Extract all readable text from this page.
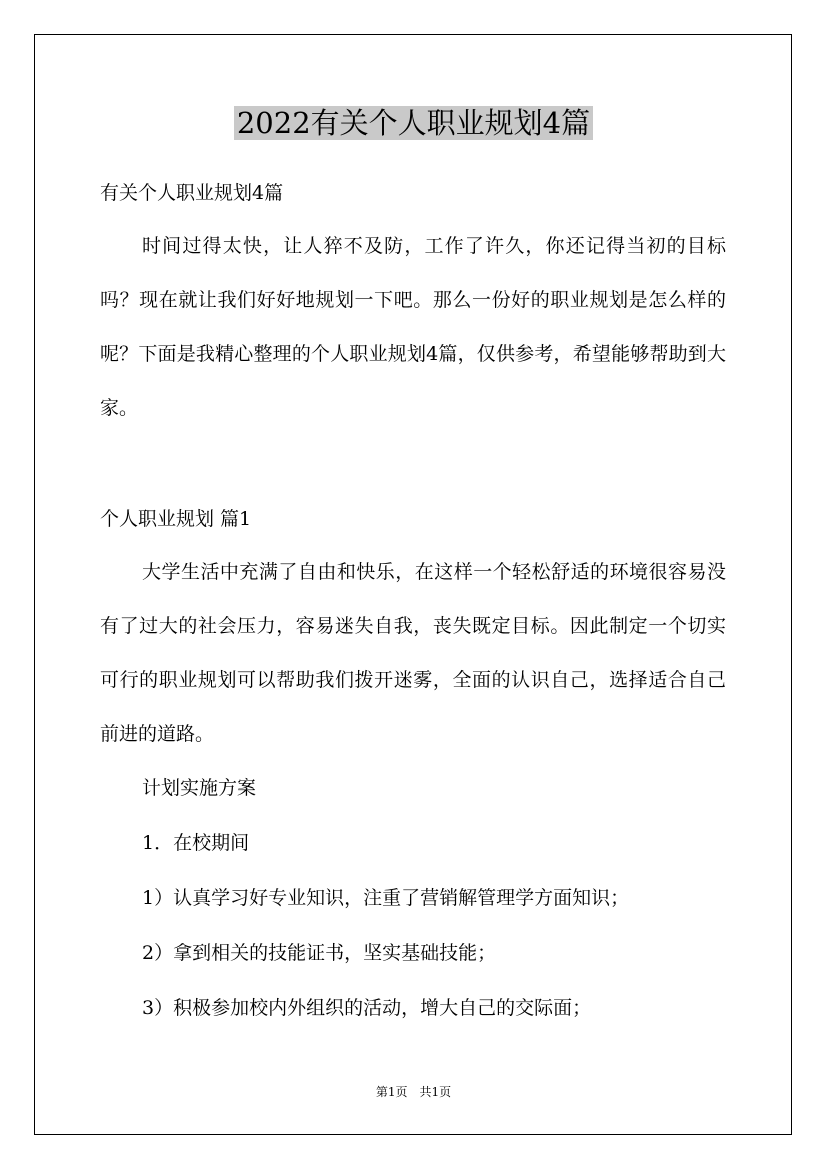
2022有关个人职业规划4篇

有关个人职业规划4篇

时间过得太快，让人猝不及防，工作了许久，你还记得当初的目标吗？现在就让我们好好地规划一下吧。那么一份好的职业规划是怎么样的呢？下面是我精心整理的个人职业规划4篇，仅供参考，希望能够帮助到大家。

个人职业规划 篇1

大学生活中充满了自由和快乐，在这样一个轻松舒适的环境很容易没有了过大的社会压力，容易迷失自我，丧失既定目标。因此制定一个切实可行的职业规划可以帮助我们拨开迷雾，全面的认识自己，选择适合自己前进的道路。

计划实施方案

1．在校期间

1）认真学习好专业知识，注重了营销解管理学方面知识；

2）拿到相关的技能证书，坚实基础技能；

3）积极参加校内外组织的活动，增大自己的交际面；

第1页　共1页
